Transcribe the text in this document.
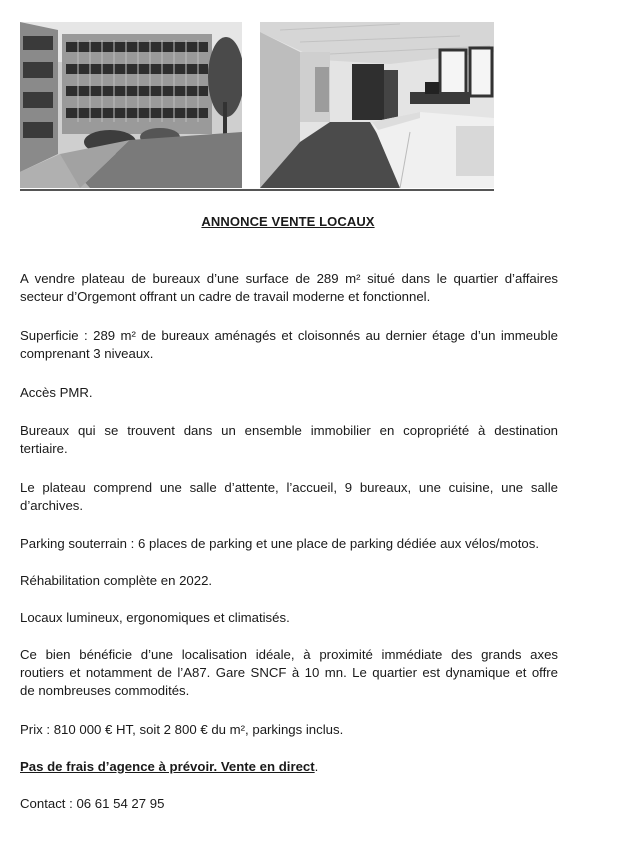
ANNONCE VENTE LOCAUX

A vendre plateau de bureaux d’une surface de 289 m² situé dans le quartier d’affaires
secteur d’Orgemont offrant un cadre de travail moderne et fonctionnel.

Superficie : 289 m² de bureaux aménagés et cloisonnés au dernier étage d’un immeuble
comprenant 3 niveaux.

Accès PMR.

Bureaux qui se trouvent dans un ensemble immobilier en copropriété à destination
tertiaire.

Le plateau comprend une salle d’attente, l’accueil, 9 bureaux, une cuisine, une salle
d’archives.

Parking souterrain : 6 places de parking et une place de parking dédiée aux vélos/motos.

Réhabilitation complète en 2022.

Locaux lumineux, ergonomiques et climatisés.

Ce bien bénéficie d’une localisation idéale, à proximité immédiate des grands axes
routiers et notamment de l’A87. Gare SNCF à 10 mn. Le quartier est dynamique et offre
de nombreuses commodités.

Prix : 810 000 € HT, soit 2 800 € du m², parkings inclus.

Pas de frais d’agence à prévoir. Vente en direct.

Contact : 06 61 54 27 95
